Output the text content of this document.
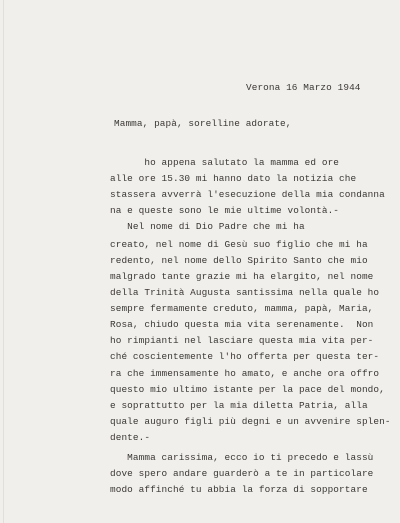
Verona 16 Marzo 1944
Mamma, papà, sorelline adorate,
ho appena salutato la mamma ed ore
alle ore 15.30 mi hanno dato la notizia che
stassera avverrà l'esecuzione della mia condanna
na e queste sono le mie ultime volontà.-
Nel nome di Dio Padre che mi ha
creato, nel nome di Gesù suo figlio che mi ha
redento, nel nome dello Spirito Santo che mio
malgrado tante grazie mi ha elargito, nel nome
della Trinità Augusta santissima nella quale ho
sempre fermamente creduto, mamma, papà, Maria,
Rosa, chiudo questa mia vita serenamente.  Non
ho rimpianti nel lasciare questa mia vita per-
ché coscientemente l'ho offerta per questa ter-
ra che immensamente ho amato, e anche ora offro
questo mio ultimo istante per la pace del mondo,
e soprattutto per la mia diletta Patria, alla
quale auguro figli più degni e un avvenire splen-
dente.-
Mamma carissima, ecco io ti precedo e lassù
dove spero andare guarderò a te in particolare
modo affinché tu abbia la forza di sopportare
